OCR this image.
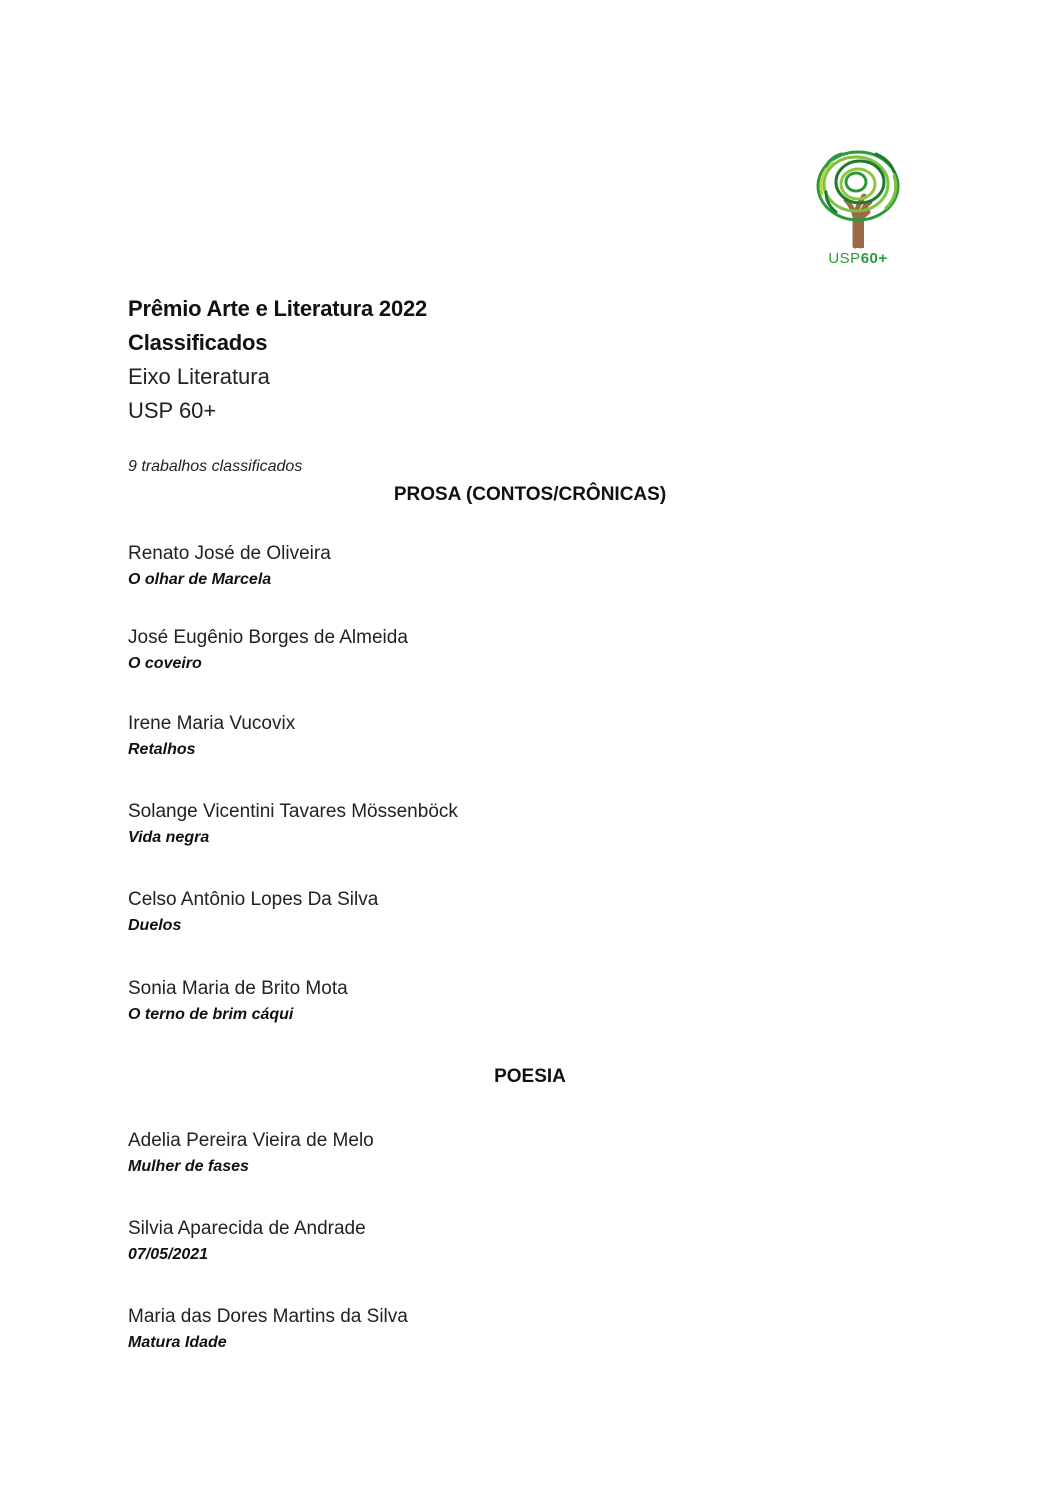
USP60+
Prêmio Arte e Literatura 2022
Classificados
Eixo Literatura
USP 60+
9 trabalhos classificados
PROSA (CONTOS/CRÔNICAS)
Renato José de Oliveira
O olhar de Marcela
José Eugênio Borges de Almeida
O coveiro
Irene Maria Vucovix
Retalhos
Solange Vicentini Tavares Mössenböck
Vida negra
Celso Antônio Lopes Da Silva
Duelos
Sonia Maria de Brito Mota
O terno de brim cáqui
POESIA
Adelia Pereira Vieira de Melo
Mulher de fases
Silvia Aparecida de Andrade
07/05/2021
Maria das Dores Martins da Silva
Matura Idade
